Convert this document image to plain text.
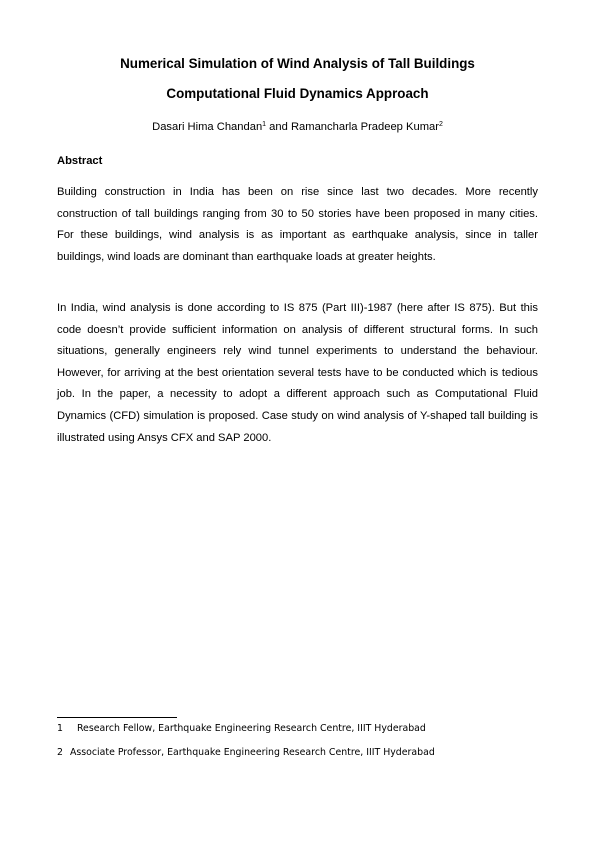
Numerical Simulation of Wind Analysis of Tall Buildings
Computational Fluid Dynamics Approach

Dasari Hima Chandan$^1$ and Ramancharla Pradeep Kumar$^2$

Abstract

Building construction in India has been on rise since last two decades. More recently construction of tall buildings ranging from 30 to 50 stories have been proposed in many cities. For these buildings, wind analysis is as important as earthquake analysis, since in taller buildings, wind loads are dominant than earthquake loads at greater heights.

In India, wind analysis is done according to IS 875 (Part III)-1987 (here after IS 875). But this code doesn’t provide sufficient information on analysis of different structural forms. In such situations, generally engineers rely wind tunnel experiments to understand the behaviour. However, for arriving at the best orientation several tests have to be conducted which is tedious job. In the paper, a necessity to adopt a different approach such as Computational Fluid Dynamics (CFD) simulation is proposed. Case study on wind analysis of Y-shaped tall building is illustrated using Ansys CFX and SAP 2000.

1 Research Fellow, Earthquake Engineering Research Centre, IIIT Hyderabad

2 Associate Professor, Earthquake Engineering Research Centre, IIIT Hyderabad
